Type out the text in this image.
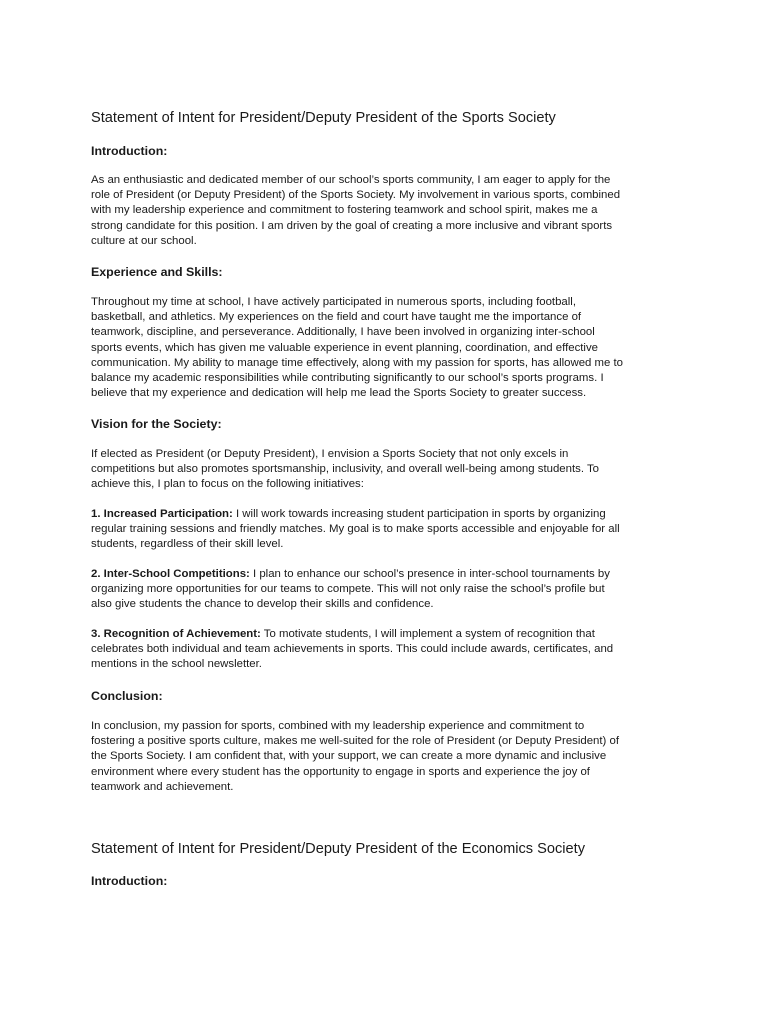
Statement of Intent for President/Deputy President of the Sports Society
Introduction:

As an enthusiastic and dedicated member of our school’s sports community, I am eager to apply for the
role of President (or Deputy President) of the Sports Society. My involvement in various sports, combined
with my leadership experience and commitment to fostering teamwork and school spirit, makes me a
strong candidate for this position. I am driven by the goal of creating a more inclusive and vibrant sports
culture at our school.

Experience and Skills:

Throughout my time at school, I have actively participated in numerous sports, including football,
basketball, and athletics. My experiences on the field and court have taught me the importance of
teamwork, discipline, and perseverance. Additionally, I have been involved in organizing inter-school
sports events, which has given me valuable experience in event planning, coordination, and effective
communication. My ability to manage time effectively, along with my passion for sports, has allowed me to
balance my academic responsibilities while contributing significantly to our school’s sports programs. I
believe that my experience and dedication will help me lead the Sports Society to greater success.

Vision for the Society:

If elected as President (or Deputy President), I envision a Sports Society that not only excels in
competitions but also promotes sportsmanship, inclusivity, and overall well-being among students. To
achieve this, I plan to focus on the following initiatives:

1. Increased Participation: I will work towards increasing student participation in sports by organizing
regular training sessions and friendly matches. My goal is to make sports accessible and enjoyable for all
students, regardless of their skill level.

2. Inter-School Competitions: I plan to enhance our school’s presence in inter-school tournaments by
organizing more opportunities for our teams to compete. This will not only raise the school’s profile but
also give students the chance to develop their skills and confidence.

3. Recognition of Achievement: To motivate students, I will implement a system of recognition that
celebrates both individual and team achievements in sports. This could include awards, certificates, and
mentions in the school newsletter.

Conclusion:

In conclusion, my passion for sports, combined with my leadership experience and commitment to
fostering a positive sports culture, makes me well-suited for the role of President (or Deputy President) of
the Sports Society. I am confident that, with your support, we can create a more dynamic and inclusive
environment where every student has the opportunity to engage in sports and experience the joy of
teamwork and achievement.

Statement of Intent for President/Deputy President of the Economics Society
Introduction:
